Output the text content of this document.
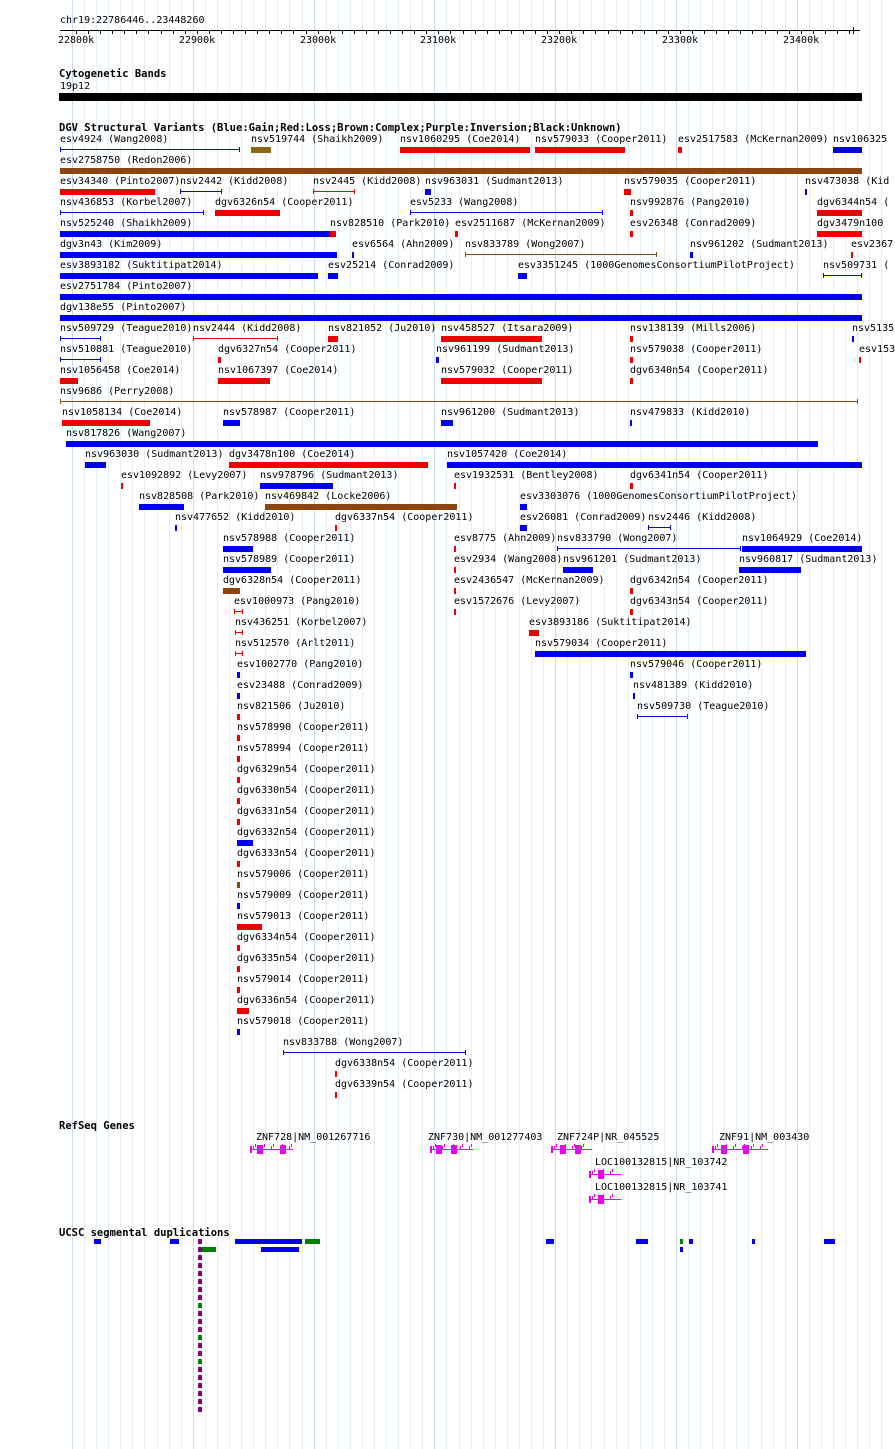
chr19:22786446..23448260
22800k	22900k	23000k	23100k	23200k	23300k	23400k
Cytogenetic Bands
19p12
DGV Structural Variants (Blue:Gain;Red:Loss;Brown:Complex;Purple:Inversion;Black:Unknown)
esv4924 (Wang2008)	nsv519744 (Shaikh2009) nsv1060295 (Coe2014) nsv579033 (Cooper2011) esv2517583 (McKernan2009) nsv106325
esv2758750 (Redon2006)
esv34340 (Pinto2007) nsv2442 (Kidd2008) nsv2445 (Kidd2008) nsv963031 (Sudmant2013)	nsv579035 (Cooper2011)	nsv473038 (Kid
nsv436853 (Korbel2007) dgv6326n54 (Cooper2011)	esv5233 (Wang2008)	nsv992876 (Pang2010)	dgv6344n54 (
nsv525240 (Shaikh2009)	nsv828510 (Park2010) esv2511687 (McKernan2009) esv26348 (Conrad2009)	dgv3479n100
dgv3n43 (Kim2009)	esv6564 (Ahn2009) nsv833789 (Wong2007)	nsv961202 (Sudmant2013) esv2367
esv3893182 (Suktitipat2014)	esv25214 (Conrad2009)	esv3351245 (1000GenomesConsortiumPilotProject)	nsv509731 (
esv2751784 (Pinto2007)
dgv138e55 (Pinto2007)
nsv509729 (Teague2010) nsv2444 (Kidd2008)	nsv821052 (Ju2010) nsv458527 (Itsara2009)	nsv138139 (Mills2006)	nsv5135
nsv510881 (Teague2010)	dgv6327n54 (Cooper2011)	nsv961199 (Sudmant2013)	nsv579038 (Cooper2011)	esv153
nsv1056458 (Coe2014)	nsv1067397 (Coe2014)	nsv579032 (Cooper2011)	dgv6340n54 (Cooper2011)
nsv9686 (Perry2008)
nsv1058134 (Coe2014)	nsv578987 (Cooper2011)	nsv961200 (Sudmant2013)	nsv479833 (Kidd2010)
nsv817826 (Wang2007)
nsv963030 (Sudmant2013) dgv3478n100 (Coe2014)	nsv1057420 (Coe2014)
esv1092892 (Levy2007) nsv978796 (Sudmant2013)	esv1932531 (Bentley2008)	dgv6341n54 (Cooper2011)
nsv828508 (Park2010) nsv469842 (Locke2006)	esv3303076 (1000GenomesConsortiumPilotProject)
nsv477652 (Kidd2010)	dgv6337n54 (Cooper2011)	esv26081 (Conrad2009) nsv2446 (Kidd2008)
nsv578988 (Cooper2011)	esv8775 (Ahn2009) nsv833790 (Wong2007)	nsv1064929 (Coe2014)
nsv578989 (Cooper2011)	esv2934 (Wang2008) nsv961201 (Sudmant2013)	nsv960817 (Sudmant2013)
dgv6328n54 (Cooper2011)	esv2436547 (McKernan2009)	dgv6342n54 (Cooper2011)
esv1000973 (Pang2010)	esv1572676 (Levy2007)	dgv6343n54 (Cooper2011)
nsv436251 (Korbel2007)	esv3893186 (Suktitipat2014)
nsv512570 (Arlt2011)	nsv579034 (Cooper2011)
esv1002770 (Pang2010)	nsv579046 (Cooper2011)
esv23488 (Conrad2009)	nsv481389 (Kidd2010)
nsv821506 (Ju2010)	nsv509730 (Teague2010)
nsv578990 (Cooper2011)
nsv578994 (Cooper2011)
dgv6329n54 (Cooper2011)
dgv6330n54 (Cooper2011)
dgv6331n54 (Cooper2011)
dgv6332n54 (Cooper2011)
dgv6333n54 (Cooper2011)
nsv579006 (Cooper2011)
nsv579009 (Cooper2011)
nsv579013 (Cooper2011)
dgv6334n54 (Cooper2011)
dgv6335n54 (Cooper2011)
nsv579014 (Cooper2011)
dgv6336n54 (Cooper2011)
nsv579018 (Cooper2011)
nsv833788 (Wong2007)
dgv6338n54 (Cooper2011)
dgv6339n54 (Cooper2011)
RefSeq Genes
ZNF728|NM_001267716	ZNF730|NM_001277403 ZNF724P|NR_045525	ZNF91|NM_003430
LOC100132815|NR_103742
LOC100132815|NR_103741
UCSC segmental duplications
